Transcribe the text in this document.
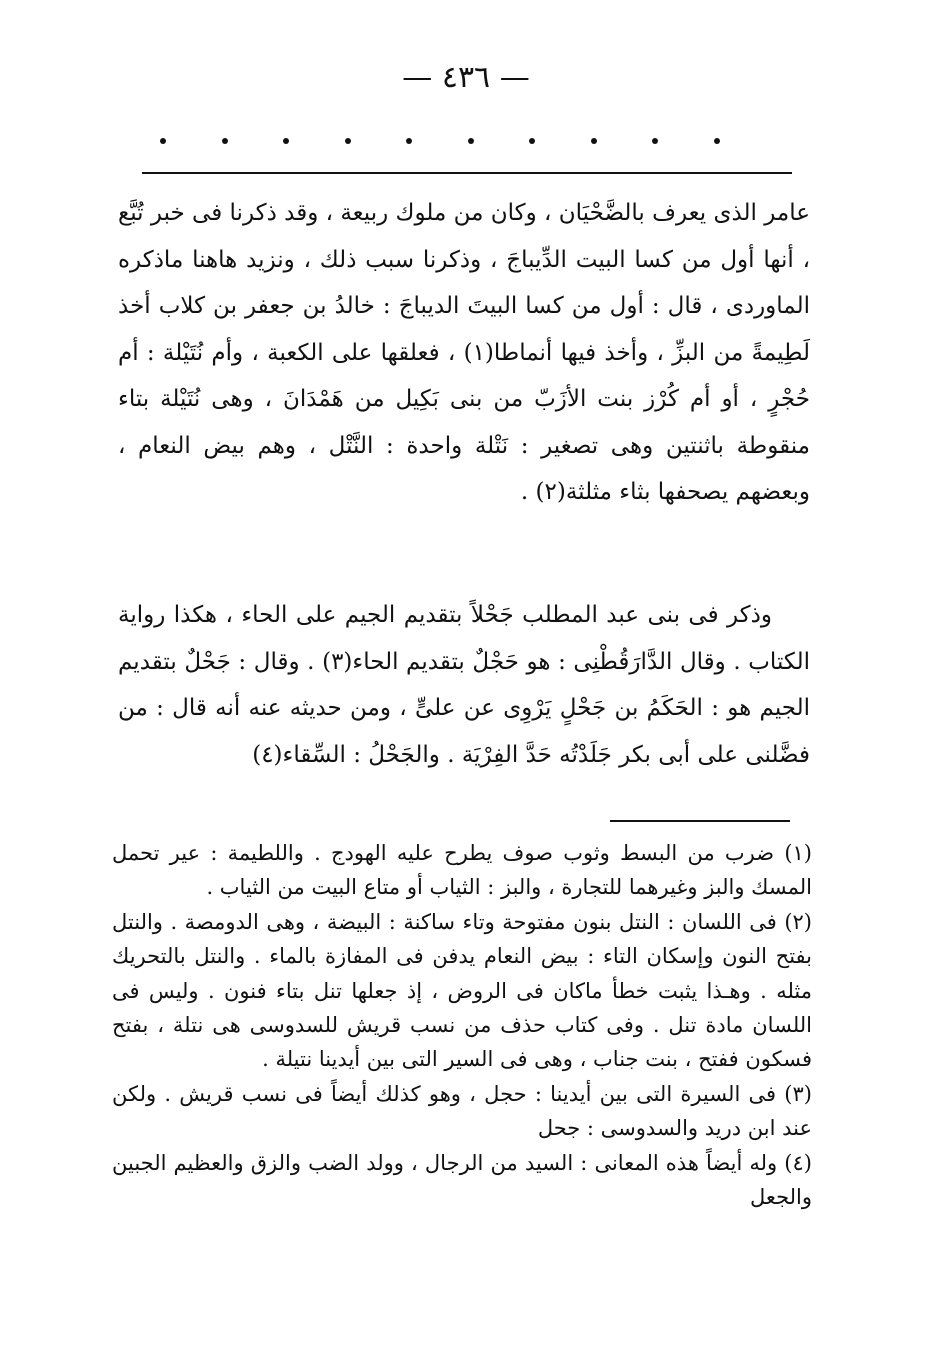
— ٤٣٦ —

عامر الذى يعرف بالضَّحْيَان ، وكان من ملوك ربيعة ، وقد ذكرنا فى خبر تُبَّع ، أنها أول من كسا البيت الدِّيباجَ ، وذكرنا سبب ذلك ، ونزيد هاهنا ماذكره الماوردى ، قال : أول من كسا البيتَ الديباجَ : خالدُ بن جعفر بن كلاب أخذ لَطِيمةً من البزِّ ، وأخذ فيها أنماطا(١) ، فعلقها على الكعبة ، وأم نُتَيْلة : أم حُجْرٍ ، أو أم كُرْز بنت الأزَبّ من بنى بَكِيل من هَمْدَانَ ، وهى نُتَيْلة بتاء منقوطة باثنتين وهى تصغير : نَتْلة واحدة : النَّتْل ، وهم بيض النعام ، وبعضهم يصحفها بثاء مثلثة(٢) .

وذكر فى بنى عبد المطلب جَحْلاً بتقديم الجيم على الحاء ، هكذا رواية الكتاب . وقال الدَّارَقُطْنِى : هو حَجْلٌ بتقديم الحاء(٣) . وقال : جَحْلٌ بتقديم الجيم هو : الحَكَمُ بن جَحْلٍ يَرْوِى عن علىٍّ ، ومن حديثه عنه أنه قال : من فضَّلنى على أبى بكر جَلَدْتُه حَدَّ الفِرْيَة . والجَحْلُ : السِّقاء(٤)

(١) ضرب من البسط وثوب صوف يطرح عليه الهودج . واللطيمة : عير تحمل المسك والبز وغيرهما للتجارة ، والبز : الثياب أو متاع البيت من الثياب .

(٢) فى اللسان : النتل بنون مفتوحة وتاء ساكنة : البيضة ، وهى الدومصة . والنتل بفتح النون وإسكان التاء : بيض النعام يدفن فى المفازة بالماء . والنتل بالتحريك مثله . وهـذا يثبت خطأ ماكان فى الروض ، إذ جعلها تنل بتاء فنون . وليس فى اللسان مادة تنل . وفى كتاب حذف من نسب قريش للسدوسى هى نتلة ، بفتح فسكون ففتح ، بنت جناب ، وهى فى السير التى بين أيدينا نتيلة .

(٣) فى السيرة التى بين أيدينا : حجل ، وهو كذلك أيضاً فى نسب قريش . ولكن عند ابن دريد والسدوسى : جحل

(٤) وله أيضاً هذه المعانى : السيد من الرجال ، وولد الضب والزق والعظيم الجبين والجعل
